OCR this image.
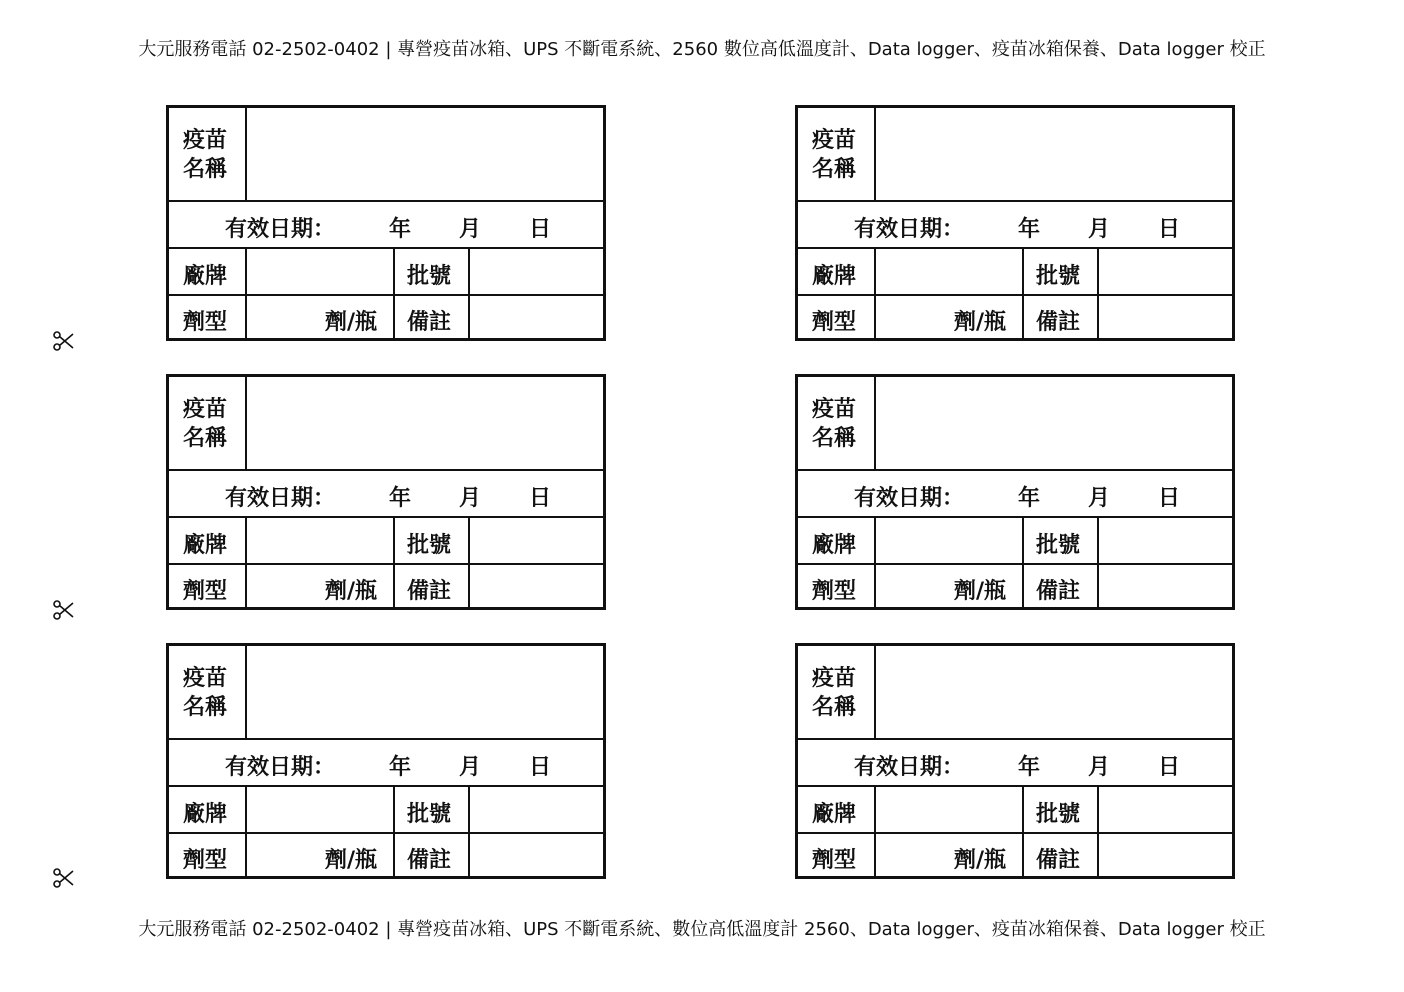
大元服務電話 02-2502-0402 | 專營疫苗冰箱、UPS 不斷電系統、2560 數位高低溫度計、Data logger、疫苗冰箱保養、Data logger 校正
疫苗
名稱
有效日期： 年 月 日
廠牌	批號
劑型	劑/瓶 備註
疫苗
名稱
有效日期： 年 月 日
廠牌	批號
劑型	劑/瓶 備註
疫苗
名稱
有效日期： 年 月 日
廠牌	批號
劑型	劑/瓶 備註
疫苗
名稱
有效日期： 年 月 日
廠牌	批號
劑型	劑/瓶 備註
疫苗
名稱
有效日期： 年 月 日
廠牌	批號
劑型	劑/瓶 備註
疫苗
名稱
有效日期： 年 月 日
廠牌	批號
劑型	劑/瓶 備註
大元服務電話 02-2502-0402 | 專營疫苗冰箱、UPS 不斷電系統、數位高低溫度計 2560、Data logger、疫苗冰箱保養、Data logger 校正
